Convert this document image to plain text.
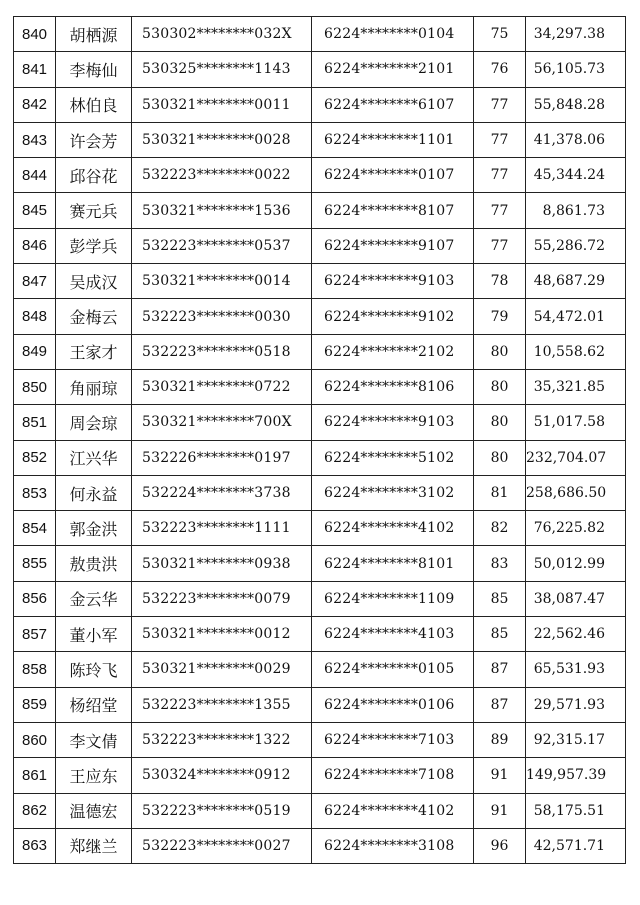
840	胡栖源	530302********032X	6224********0104	75	34,297.38
841	李梅仙	530325********1143	6224********2101	76	56,105.73
842	林伯良	530321********0011	6224********6107	77	55,848.28
843	许会芳	530321********0028	6224********1101	77	41,378.06
844	邱谷花	532223********0022	6224********0107	77	45,344.24
845	赛元兵	530321********1536	6224********8107	77	8,861.73
846	彭学兵	532223********0537	6224********9107	77	55,286.72
847	吴成汉	530321********0014	6224********9103	78	48,687.29
848	金梅云	532223********0030	6224********9102	79	54,472.01
849	王家才	532223********0518	6224********2102	80	10,558.62
850	角丽琼	530321********0722	6224********8106	80	35,321.85
851	周会琼	530321********700X	6224********9103	80	51,017.58
852	江兴华	532226********0197	6224********5102	80	232,704.07
853	何永益	532224********3738	6224********3102	81	258,686.50
854	郭金洪	532223********1111	6224********4102	82	76,225.82
855	敖贵洪	530321********0938	6224********8101	83	50,012.99
856	金云华	532223********0079	6224********1109	85	38,087.47
857	董小军	530321********0012	6224********4103	85	22,562.46
858	陈玲飞	530321********0029	6224********0105	87	65,531.93
859	杨绍堂	532223********1355	6224********0106	87	29,571.93
860	李文倩	532223********1322	6224********7103	89	92,315.17
861	王应东	530324********0912	6224********7108	91	149,957.39
862	温德宏	532223********0519	6224********4102	91	58,175.51
863	郑继兰	532223********0027	6224********3108	96	42,571.71
